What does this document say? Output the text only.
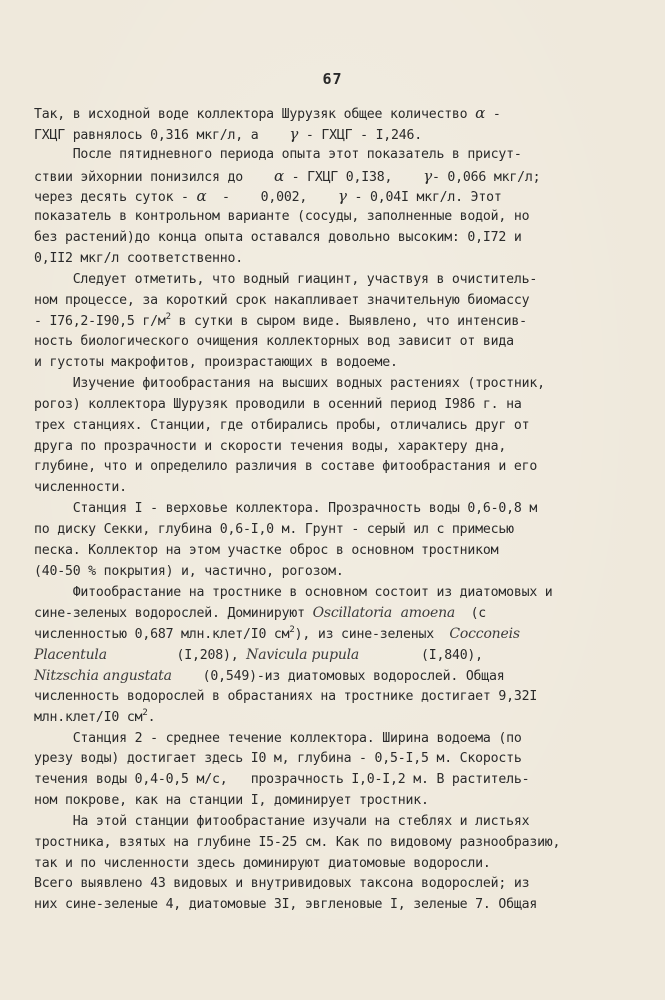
67
Так, в исходной воде коллектора Шурузяк общее количество α -
ГХЦГ равнялось 0,316 мкг/л, а    γ - ГХЦГ - I,246.
После пятидневного периода опыта этот показатель в присут-
ствии эйхорнии понизился до    α - ГХЦГ 0,I38,    γ- 0,066 мкг/л;
через десять суток - α  -    0,002,    γ - 0,04I мкг/л. Этот
показатель в контрольном варианте (сосуды, заполненные водой, но
без растений)до конца опыта оставался довольно высоким: 0,I72 и
0,II2 мкг/л соответственно.
Следует отметить, что водный гиацинт, участвуя в очиститель-
ном процессе, за короткий срок накапливает значительную биомассу
- I76,2-I90,5 $г/м^2$ в сутки в сыром виде. Выявлено, что интенсив-
ность биологического очищения коллекторных вод зависит от вида
и густоты макрофитов, произрастающих в водоеме.
Изучение фитообрастания на высших водных растениях (тростник,
рогоз) коллектора Шурузяк проводили в осенний период I986 г. на
трех станциях. Станции, где отбирались пробы, отличались друг от
друга по прозрачности и скорости течения воды, характеру дна,
глубине, что и определило различия в составе фитообрастания и его
численности.
Станция I - верховье коллектора. Прозрачность воды 0,6-0,8 м
по диску Секки, глубина 0,6-I,0 м. Грунт - серый ил с примесью
песка. Коллектор на этом участке оброс в основном тростником
(40-50 % покрытия) и, частично, рогозом.
Фитообрастание на тростнике в основном состоит из диатомовых и
сине-зеленых водорослей. Доминируют Oscillatoria  amoena  (с
численностью 0,687 млн.клет/I0 $см^2$), из сине-зеленых  Cocconeis
Placentula         (I,208), Navicula pupula        (I,840),
Nitzschia angustata    (0,549)-из диатомовых водорослей. Общая
численность водорослей в обрастаниях на тростнике достигает 9,32I
млн.клет/I0 $см^2$.
Станция 2 - среднее течение коллектора. Ширина водоема (по
урезу воды) достигает здесь I0 м, глубина - 0,5-I,5 м. Скорость
течения воды 0,4-0,5 м/с,   прозрачность I,0-I,2 м. В раститель-
ном покрове, как на станции I, доминирует тростник.
На этой станции фитообрастание изучали на стеблях и листьях
тростника, взятых на глубине I5-25 см. Как по видовому разнообразию,
так и по численности здесь доминируют диатомовые водоросли.
Всего выявлено 43 видовых и внутривидовых таксона водорослей; из
них сине-зеленые 4, диатомовые 3I, эвгленовые I, зеленые 7. Общая
